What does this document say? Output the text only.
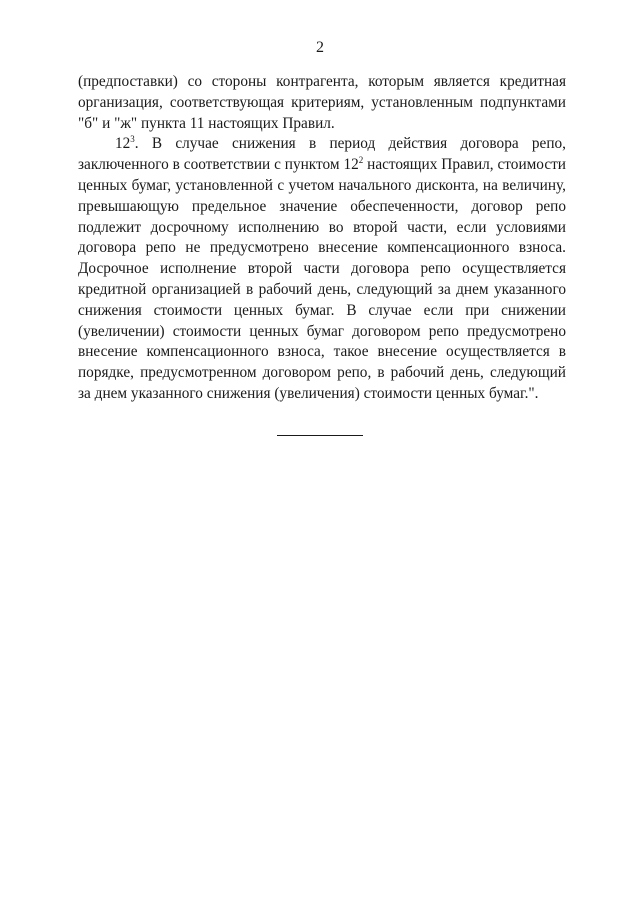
2

(предпоставки) со стороны контрагента, которым является кредитная организация, соответствующая критериям, установленным подпунктами "б" и "ж" пункта 11 настоящих Правил.

$12^3$. В случае снижения в период действия договора репо, заключенного в соответствии с пунктом $12^2$ настоящих Правил, стоимости ценных бумаг, установленной с учетом начального дисконта, на величину, превышающую предельное значение обеспеченности, договор репо подлежит досрочному исполнению во второй части, если условиями договора репо не предусмотрено внесение компенсационного взноса. Досрочное исполнение второй части договора репо осуществляется кредитной организацией в рабочий день, следующий за днем указанного снижения стоимости ценных бумаг. В случае если при снижении (увеличении) стоимости ценных бумаг договором репо предусмотрено внесение компенсационного взноса, такое внесение осуществляется в порядке, предусмотренном договором репо, в рабочий день, следующий за днем указанного снижения (увеличения) стоимости ценных бумаг.".
